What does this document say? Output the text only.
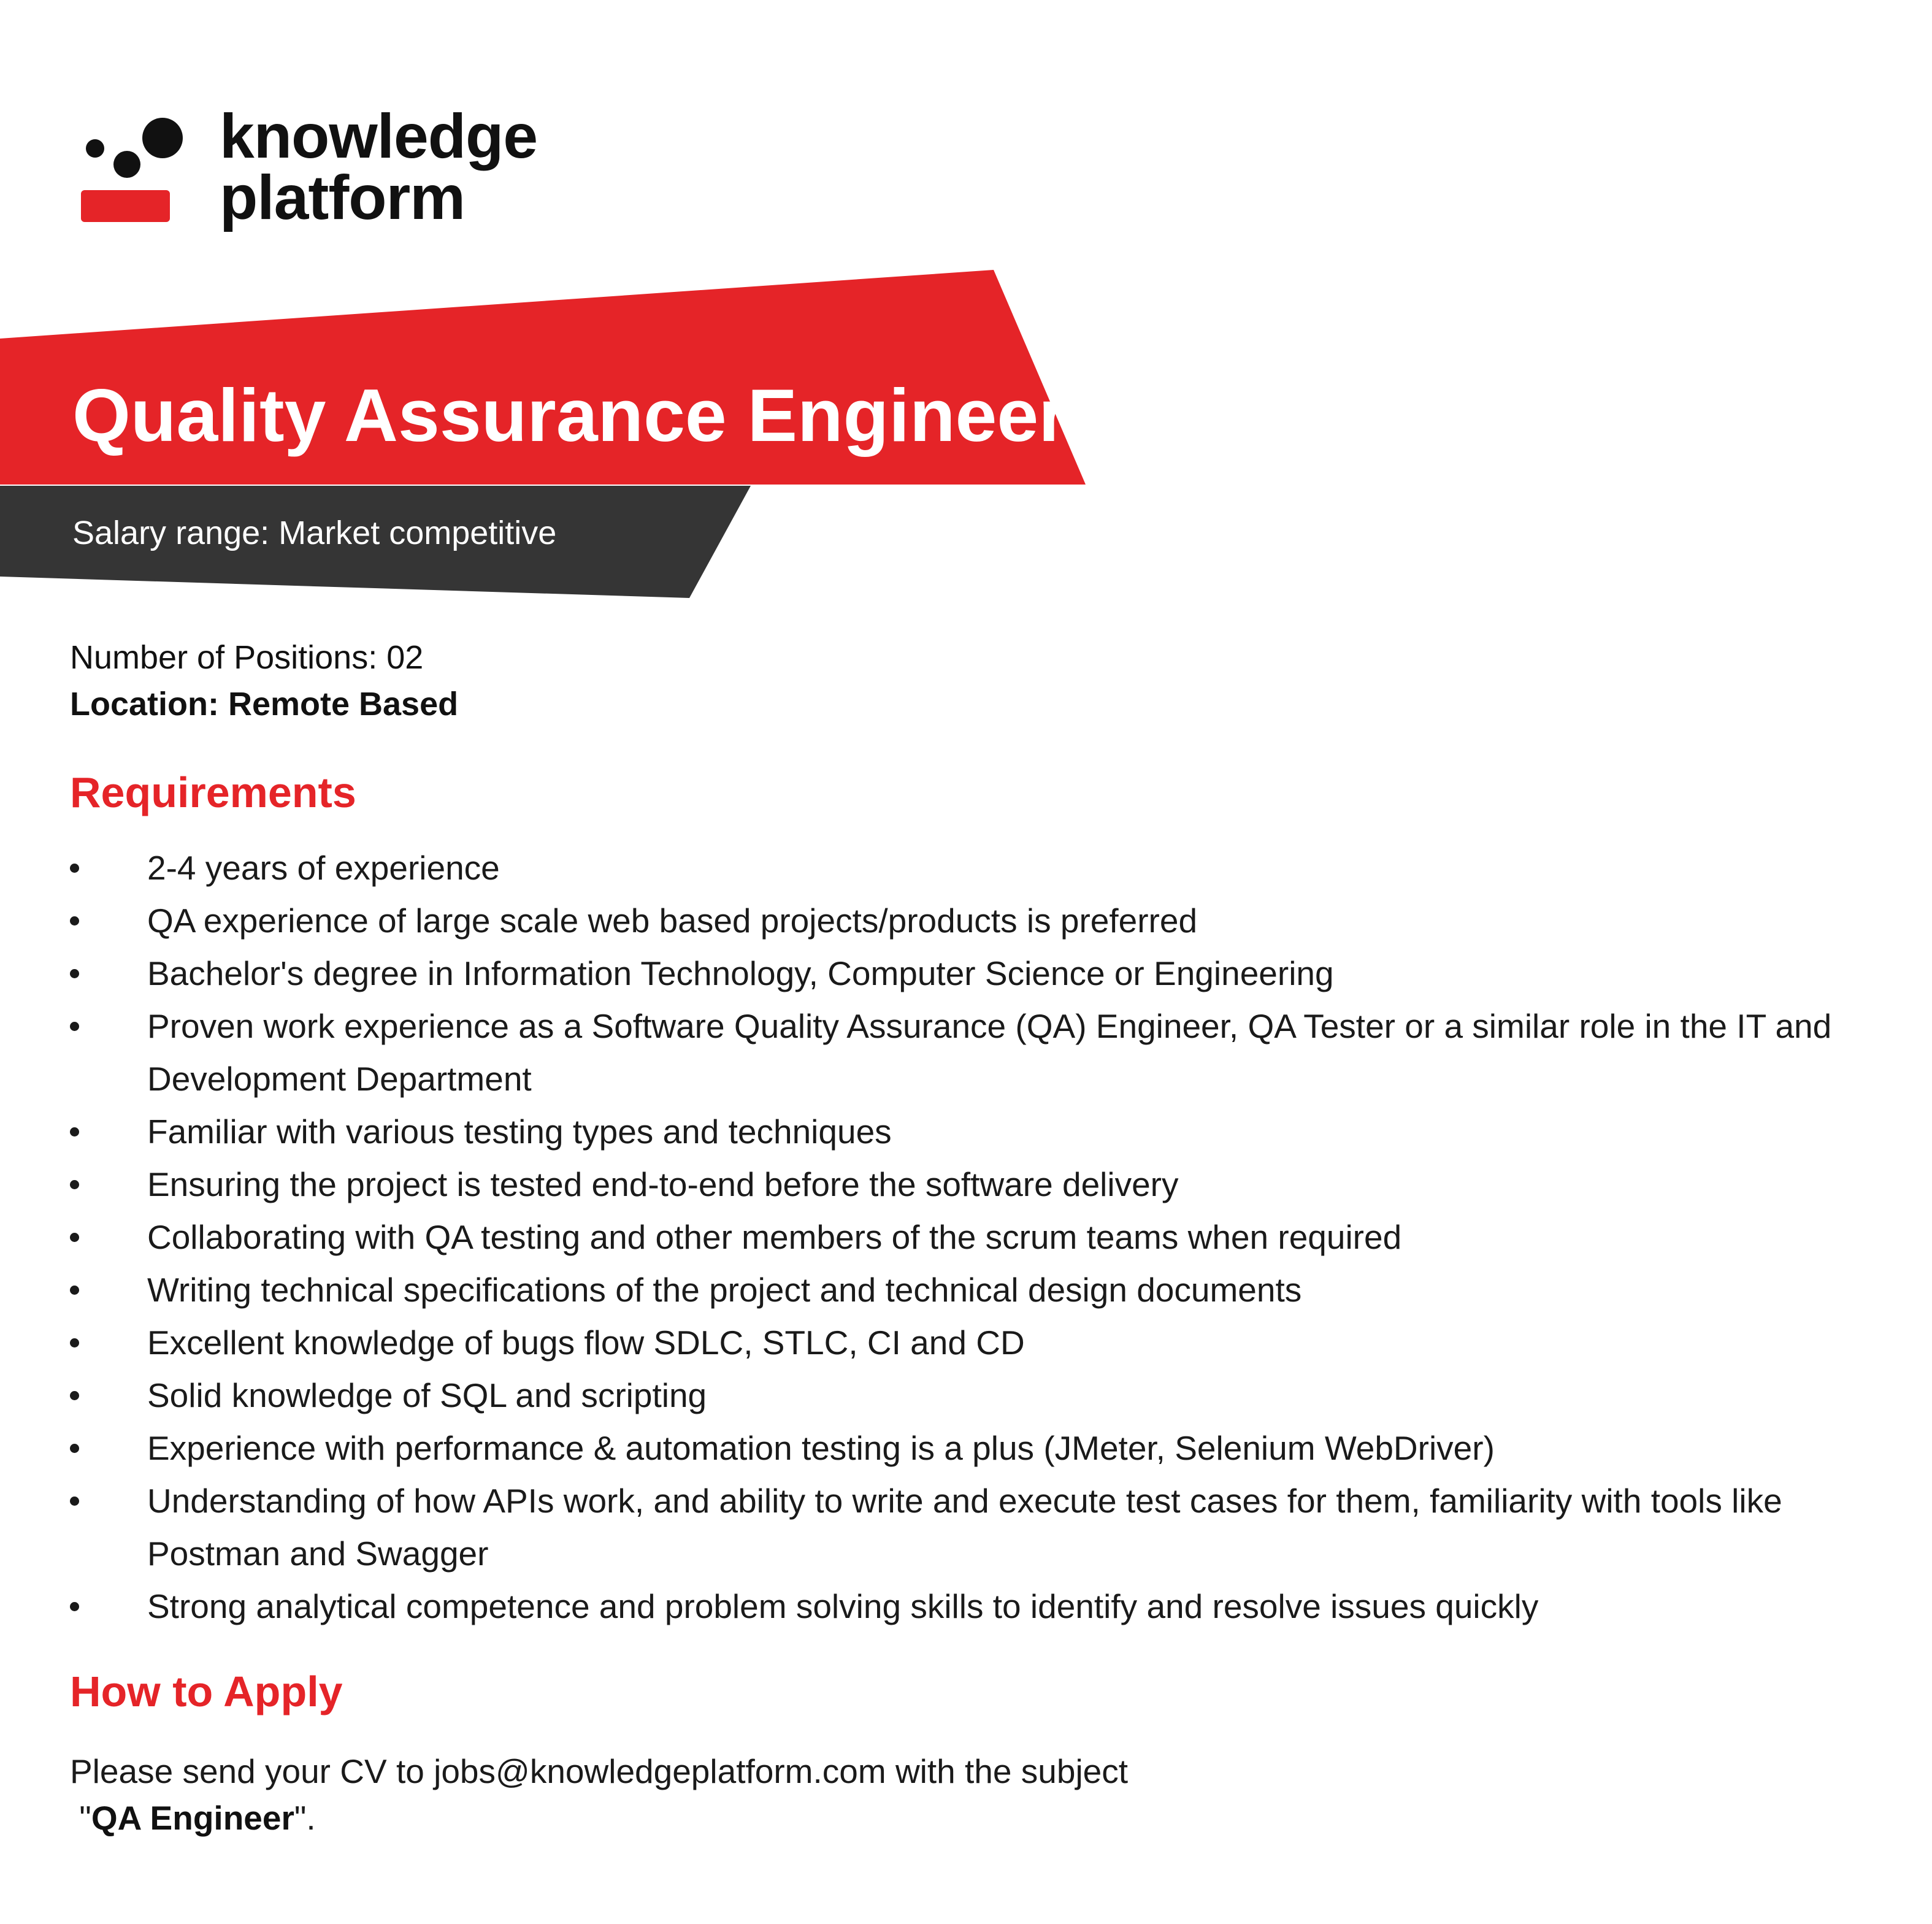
knowledge
platform
Quality Assurance Engineer
Salary range: Market competitive
Number of Positions: 02
Location: Remote Based
Requirements
2-4 years of experience
QA experience of large scale web based projects/products is preferred
Bachelor's degree in Information Technology, Computer Science or Engineering
Proven work experience as a Software Quality Assurance (QA) Engineer, QA Tester or a similar role in the IT and Development Department
Familiar with various testing types and techniques
Ensuring the project is tested end-to-end before the software delivery
Collaborating with QA testing and other members of the scrum teams when required
Writing technical specifications of the project and technical design documents
Excellent knowledge of bugs flow SDLC, STLC, CI and CD
Solid knowledge of SQL and scripting
Experience with performance & automation testing is a plus (JMeter, Selenium WebDriver)
Understanding of how APIs work, and ability to write and execute test cases for them, familiarity with tools like Postman and Swagger
Strong analytical competence and problem solving skills to identify and resolve issues quickly
How to Apply
Please send your CV to jobs@knowledgeplatform.com with the subject
"QA Engineer".
